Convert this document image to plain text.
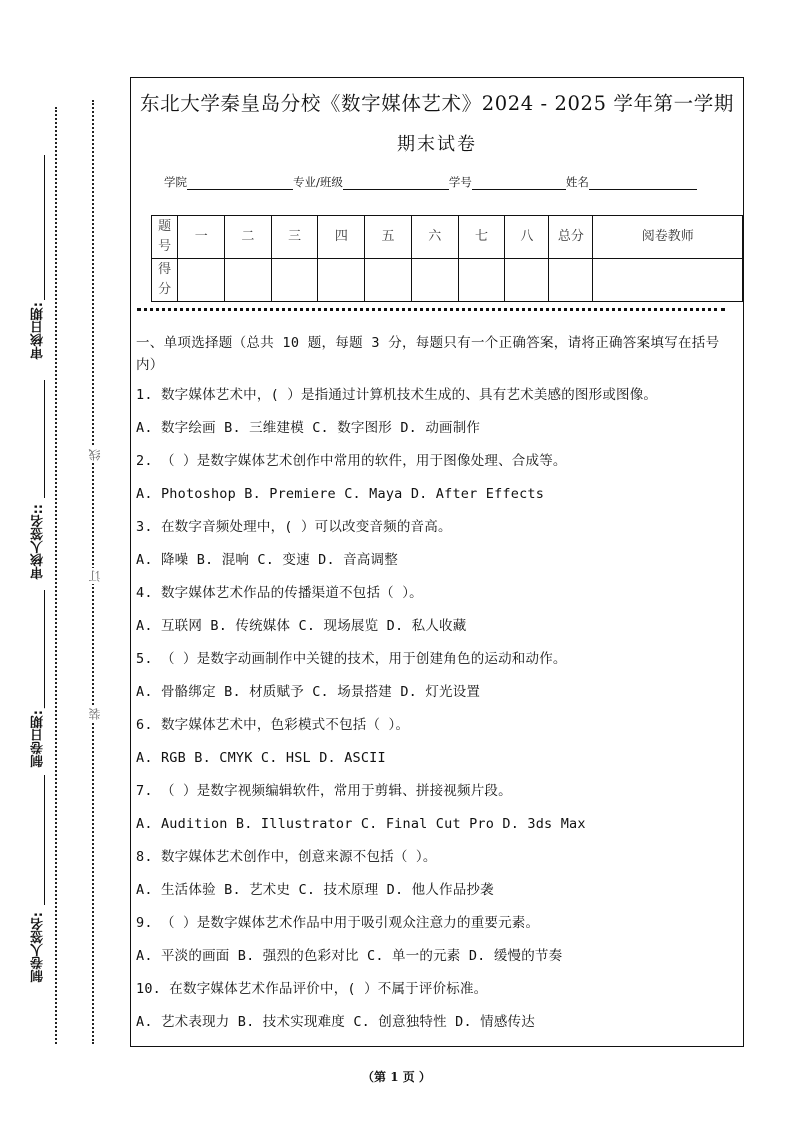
审核日期:
审核人签名::
制卷日期:
制卷人签名:
线
订
装
东北大学秦皇岛分校《数字媒体艺术》2024 - 2025 学年第一学期
期末试卷
学院	专业/班级	学号	姓名
题号	一	二	三	四	五	六	七	八	总分	阅卷教师
得分										
一、单项选择题（总共 10 题，每题 3 分，每题只有一个正确答案，请将正确答案填写在括号内）
1. 数字媒体艺术中，( ）是指通过计算机技术生成的、具有艺术美感的图形或图像。
A. 数字绘画 B. 三维建模 C. 数字图形 D. 动画制作
2. （ ）是数字媒体艺术创作中常用的软件，用于图像处理、合成等。
A. Photoshop B. Premiere C. Maya D. After Effects
3. 在数字音频处理中，( ）可以改变音频的音高。
A. 降噪 B. 混响 C. 变速 D. 音高调整
4. 数字媒体艺术作品的传播渠道不包括（ ）。
A. 互联网 B. 传统媒体 C. 现场展览 D. 私人收藏
5. （ ）是数字动画制作中关键的技术，用于创建角色的运动和动作。
A. 骨骼绑定 B. 材质赋予 C. 场景搭建 D. 灯光设置
6. 数字媒体艺术中，色彩模式不包括（ ）。
A. RGB B. CMYK C. HSL D. ASCII
7. （ ）是数字视频编辑软件，常用于剪辑、拼接视频片段。
A. Audition B. Illustrator C. Final Cut Pro D. 3ds Max
8. 数字媒体艺术创作中，创意来源不包括（ ）。
A. 生活体验 B. 艺术史 C. 技术原理 D. 他人作品抄袭
9. （ ）是数字媒体艺术作品中用于吸引观众注意力的重要元素。
A. 平淡的画面 B. 强烈的色彩对比 C. 单一的元素 D. 缓慢的节奏
10. 在数字媒体艺术作品评价中，( ）不属于评价标准。
A. 艺术表现力 B. 技术实现难度 C. 创意独特性 D. 情感传达
（第 1 页 ）
